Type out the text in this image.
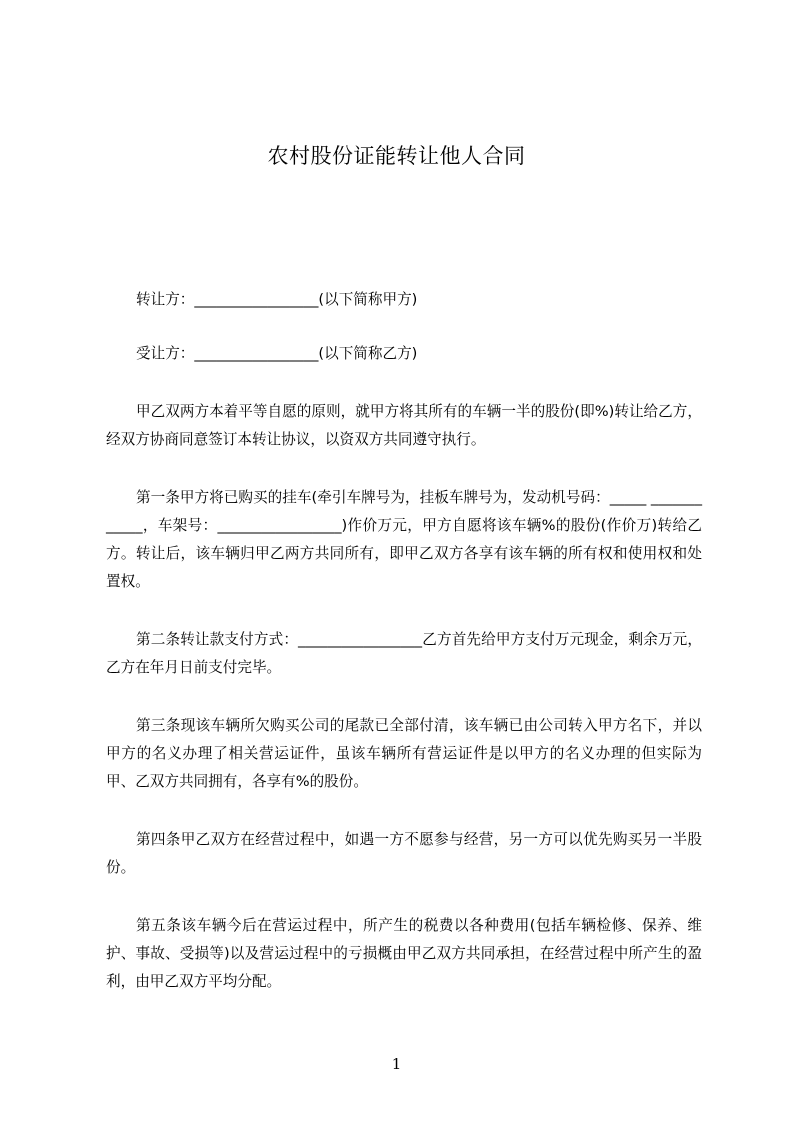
农村股份证能转让他人合同

转让方：_________________(以下简称甲方)

受让方：_________________(以下简称乙方)

甲乙双两方本着平等自愿的原则，就甲方将其所有的车辆一半的股份(即%)转让给乙方，经双方协商同意签订本转让协议，以资双方共同遵守执行。

第一条甲方将已购买的挂车(牵引车牌号为，挂板车牌号为，发动机号码：_____ ____________，车架号：_________________)作价万元，甲方自愿将该车辆%的股份(作价万)转给乙方。转让后，该车辆归甲乙两方共同所有，即甲乙双方各享有该车辆的所有权和使用权和处置权。

第二条转让款支付方式：_________________乙方首先给甲方支付万元现金，剩余万元，乙方在年月日前支付完毕。

第三条现该车辆所欠购买公司的尾款已全部付清，该车辆已由公司转入甲方名下，并以甲方的名义办理了相关营运证件，虽该车辆所有营运证件是以甲方的名义办理的但实际为甲、乙双方共同拥有，各享有%的股份。

第四条甲乙双方在经营过程中，如遇一方不愿参与经营，另一方可以优先购买另一半股份。

第五条该车辆今后在营运过程中，所产生的税费以各种费用(包括车辆检修、保养、维护、事故、受损等)以及营运过程中的亏损概由甲乙双方共同承担，在经营过程中所产生的盈利，由甲乙双方平均分配。

1
